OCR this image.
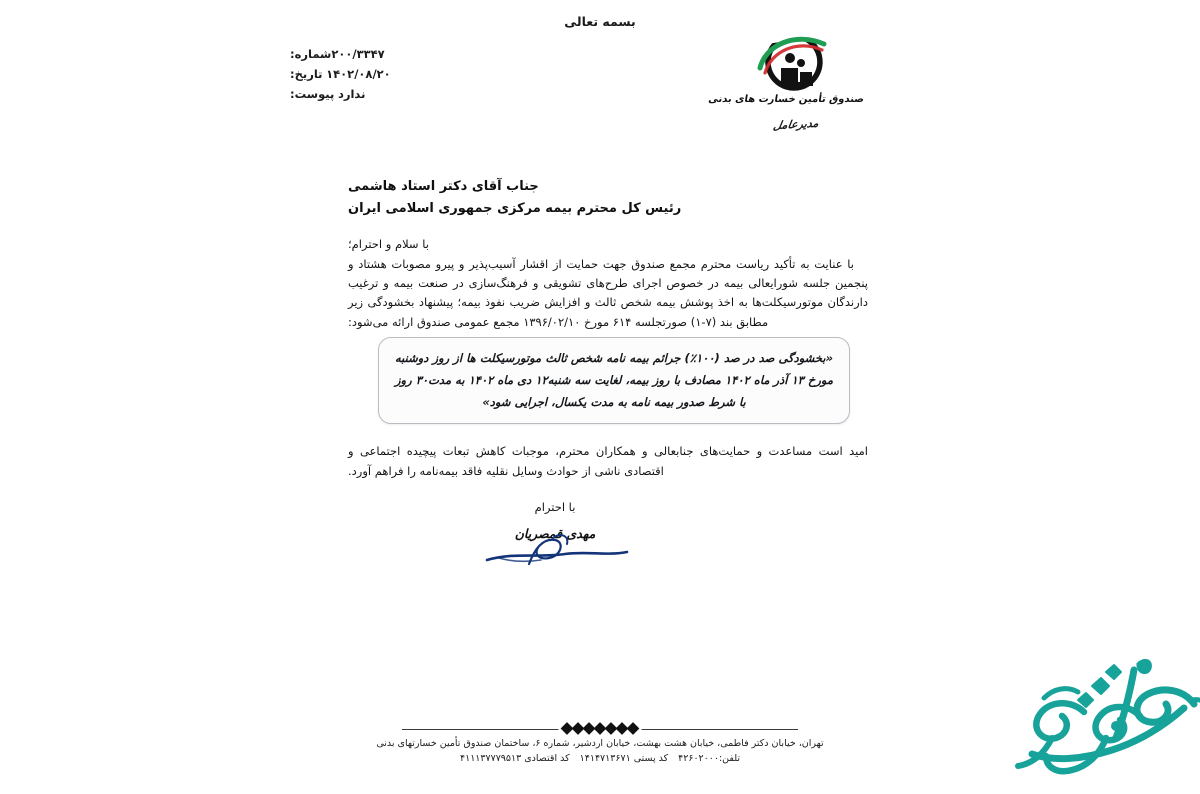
بسمه تعالی
۲۰۰/۳۳۴۷شماره:
۱۴۰۲/۰۸/۲۰ تاریخ:
ندارد پیوست:	صندوق تأمین خسارت های بدنی
مدیرعامل
جناب آقای دکتر استاد هاشمی
رئیس کل محترم بیمه مرکزی جمهوری اسلامی ایران
با سلام و احترام؛
با عنایت به تأکید ریاست محترم مجمع صندوق جهت حمایت از اقشار آسیب‌پذیر و پیرو مصوبات هشتاد و پنجمین جلسه شورایعالی بیمه در خصوص اجرای طرح‌های تشویقی و فرهنگ‌سازی در صنعت بیمه و ترغیب دارندگان موتورسیکلت‌ها به اخذ پوشش بیمه شخص ثالث و افزایش ضریب نفوذ بیمه؛ پیشنهاد بخشودگی زیر مطابق بند (۷-۱) صورتجلسه ۶۱۴ مورخ ۱۳۹۶/۰۲/۱۰ مجمع عمومی صندوق ارائه می‌شود:
«بخشودگی صد در صد (۱۰۰٪) جرائم بیمه نامه شخص ثالث موتورسیکلت ها از روز دوشنبه مورخ ۱۳ آذر ماه ۱۴۰۲ مصادف با روز بیمه، لغایت سه شنبه۱۲ دی ماه ۱۴۰۲ به مدت۳۰ روز با شرط صدور بیمه نامه به مدت یکسال، اجرایی شود»
امید است مساعدت و حمایت‌های جنابعالی و همکاران محترم، موجبات کاهش تبعات پیچیده اجتماعی و اقتصادی ناشی از حوادث وسایل نقلیه فاقد بیمه‌نامه را فراهم آورد.
با احترام
مهدی قمصریان
تهران، خیابان دکتر فاطمی، خیابان هشت بهشت، خیابان اردشیر، شماره ۶، ساختمان صندوق تأمین خسارتهای بدنی
تلفن:۴۲۶۰۲۰۰۰کد پستی ۱۴۱۴۷۱۳۶۷۱کد اقتصادی ۴۱۱۱۳۷۷۷۹۵۱۳
